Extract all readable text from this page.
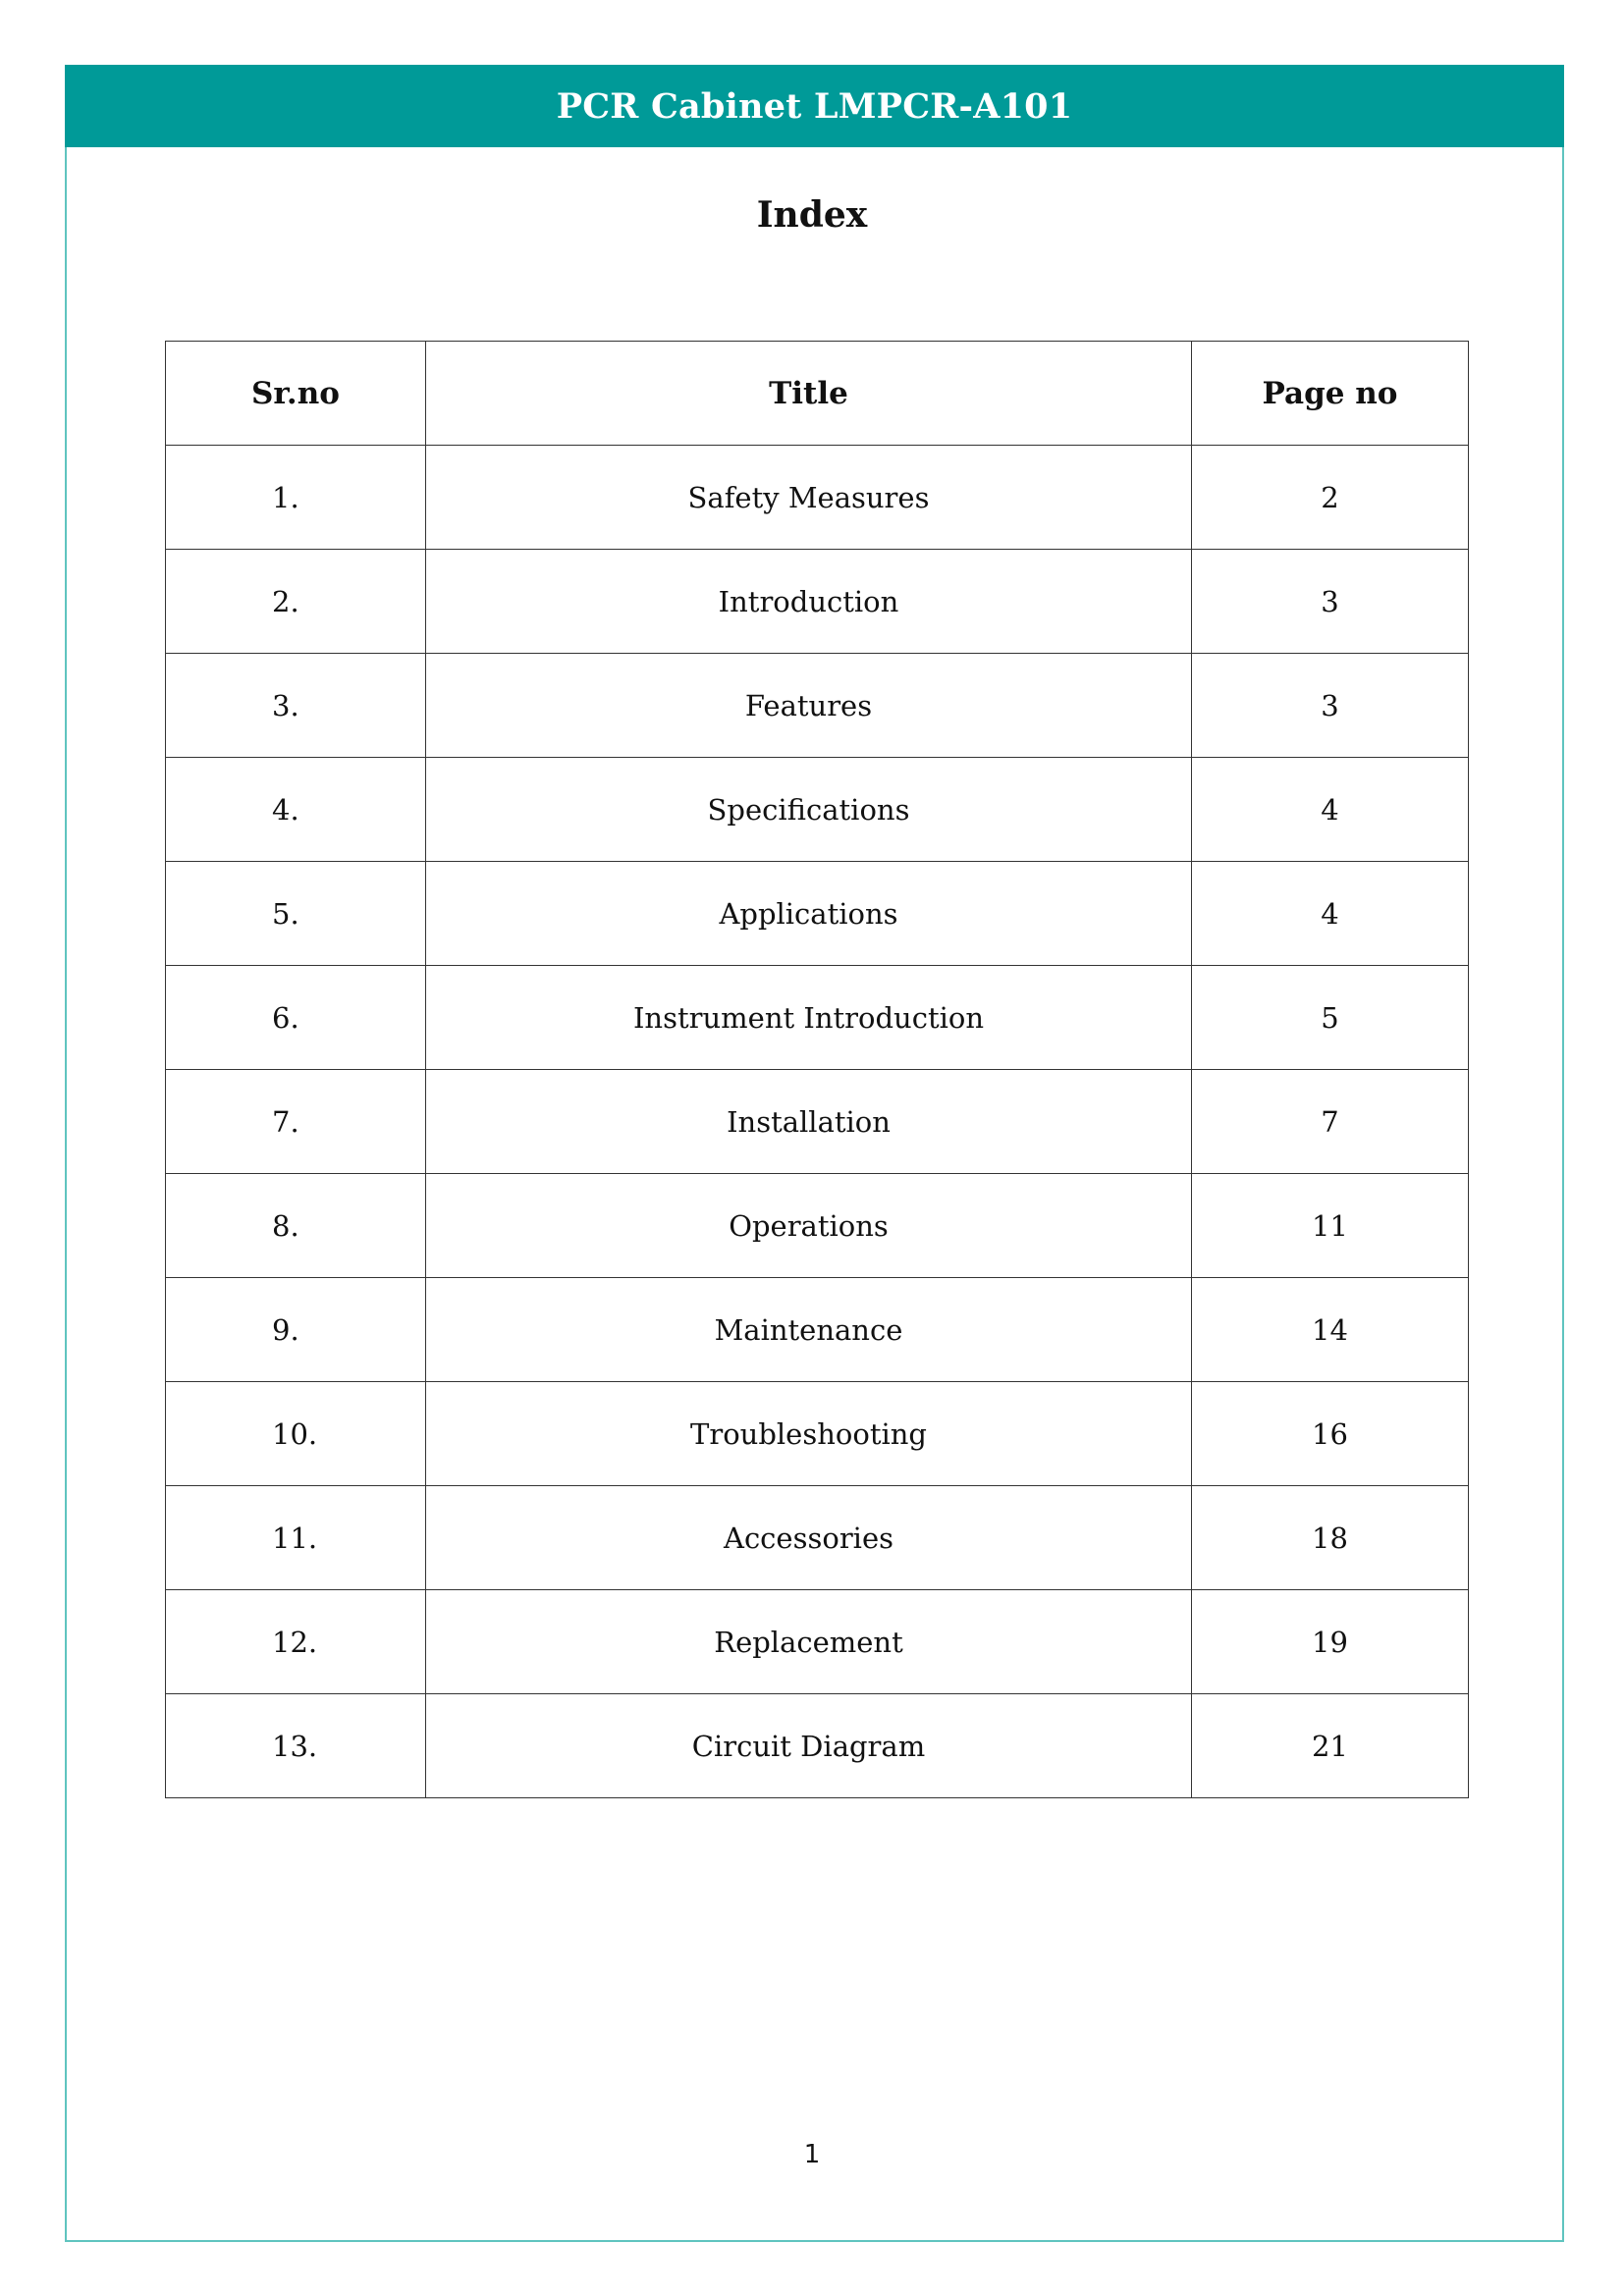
PCR Cabinet LMPCR-A101
Index
Sr.no	Title	Page no
1.	Safety Measures	2
2.	Introduction	3
3.	Features	3
4.	Specifications	4
5.	Applications	4
6.	Instrument Introduction	5
7.	Installation	7
8.	Operations	11
9.	Maintenance	14
10.	Troubleshooting	16
11.	Accessories	18
12.	Replacement	19
13.	Circuit Diagram	21
1
